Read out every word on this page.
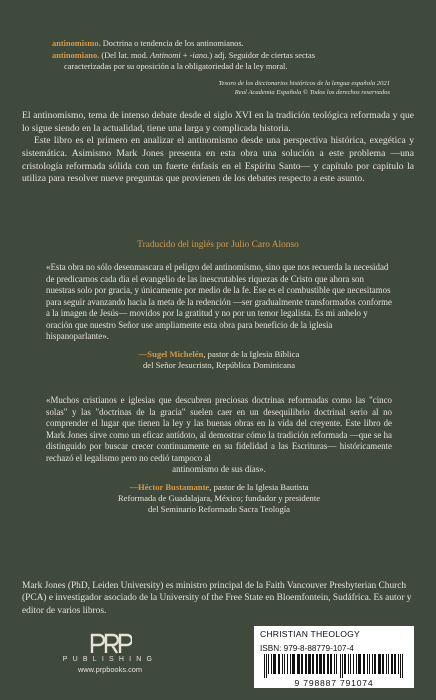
antinomismo. Doctrina o tendencia de los antinomianos.
antinomiano. (Del lat. mod. Antinomi + -iano.) adj. Seguidor de ciertas sectas
caracterizadas por su oposición a la obligatoriedad de la ley moral.
Tesoro de los diccionarios históricos de la lengua española 2021
Real Academia Española © Todos los derechos reservados

El antinomismo, tema de intenso debate desde el siglo XVI en la tradición teológica reformada y que lo sigue siendo en la actualidad, tiene una larga y complicada historia.

Este libro es el primero en analizar el antinomismo desde una perspectiva histórica, exegética y sistemática. Asimismo Mark Jones presenta en esta obra una solución a este problema —una cristología reformada sólida con un fuerte énfasis en el Espíritu Santo— y capítulo por capítulo la utiliza para resolver nueve preguntas que provienen de los debates respecto a este asunto.

Traducido del inglés por Julio Caro Alonso

«Esta obra no sólo desenmascara el peligro del antinomismo, sino que nos recuerda la necesidad de predicarnos cada día el evangelio de las inescrutables riquezas de Cristo que ahora son nuestras solo por gracia, y únicamente por medio de la fe. Ese es el combustible que necesitamos para seguir avanzando hacia la meta de la redención —ser gradualmente transformados conforme a la imagen de Jesús— movidos por la gratitud y no por un temor legalista. Es mi anhelo y oración que nuestro Señor use ampliamente esta obra para beneficio de la iglesia hispanoparlante».

—Sugel Michelén, pastor de la Iglesia Bíblica
del Señor Jesucristo, República Dominicana

«Muchos cristianos e iglesias que descubren preciosas doctrinas reformadas como las "cinco solas" y las "doctrinas de la gracia" suelen caer en un desequilibrio doctrinal serio al no comprender el lugar que tienen la ley y las buenas obras en la vida del creyente. Este libro de Mark Jones sirve como un eficaz antídoto, al demostrar cómo la tradición reformada —que se ha distinguido por buscar crecer continuamente en su fidelidad a las Escrituras— históricamente rechazó el legalismo pero no cedió tampoco al

antinomismo de sus días».

—Héctor Bustamante, pastor de la Iglesia Bautista
Reformada de Guadalajara, México; fundador y presidente
del Seminario Reformado Sacra Teología
Mark Jones (PhD, Leiden University) es ministro principal de la Faith Vancouver Presbyterian Church (PCA) e investigador asociado de la University of the Free State en Bloemfontein, Sudáfrica. Es autor y editor de varios libros.
PUBLISHING
www.prpbooks.com
CHRISTIAN THEOLOGY
ISBN: 979-8-88779-107-4
9 798887 791074
